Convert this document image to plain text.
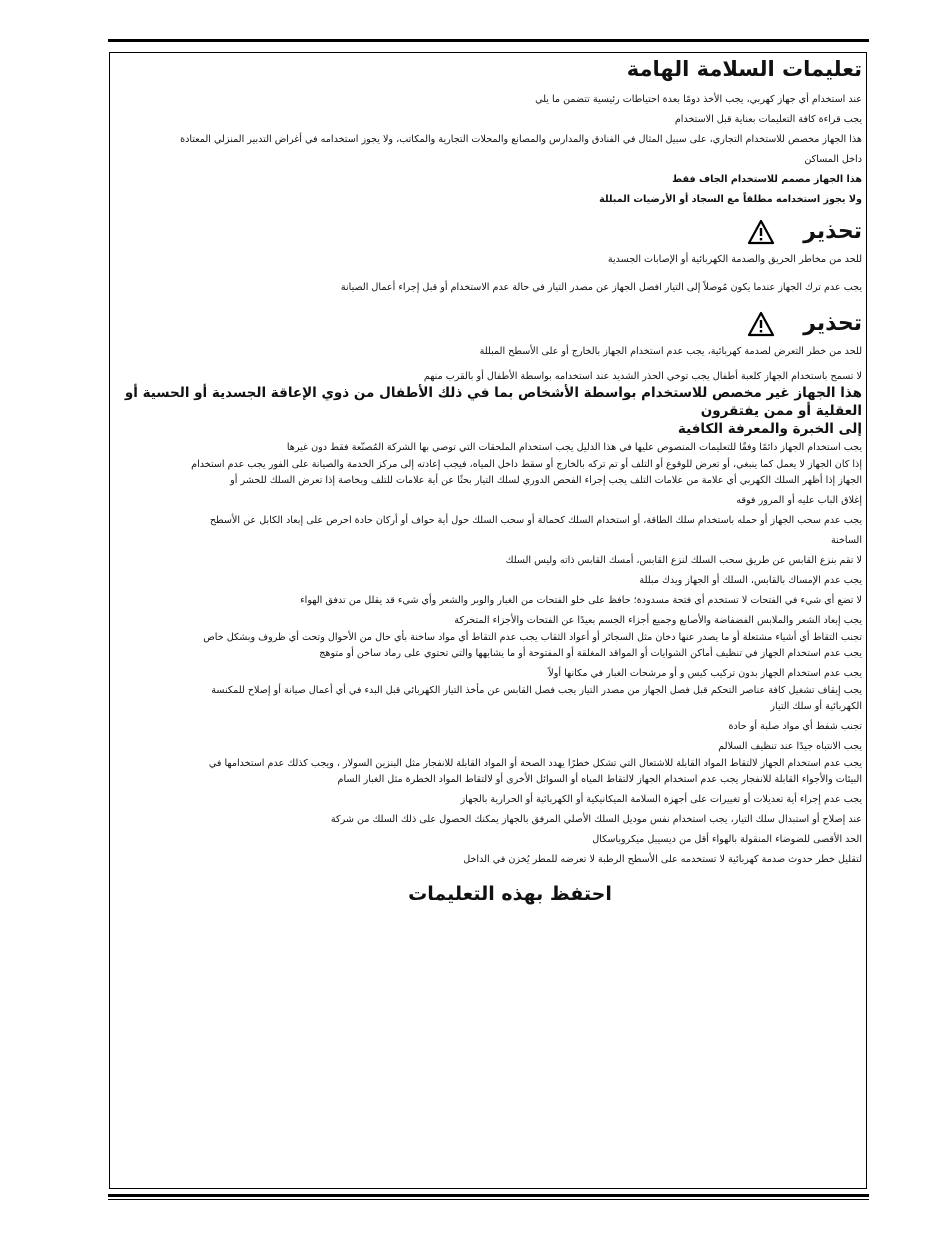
تعليمات السلامة الهامة

عند استخدام أي جهاز كهربي، يجب الأخذ دومًا بعدة احتياطات رئيسية تتضمن ما يلي

يجب قراءة كافة التعليمات بعناية قبل الاستخدام

هذا الجهاز مخصص للاستخدام التجاري، على سبيل المثال في الفنادق والمدارس والمصانع والمحلات التجارية والمكاتب، ولا يجوز استخدامه في أغراض التدبير المنزلي المعتادة

داخل المساكن

هذا الجهاز مصمم للاستخدام الجاف فقط

ولا يجوز استخدامه مطلقاً مع السجاد أو الأرضيات المبللة

تحذير

للحد من مخاطر الحريق والصدمة الكهربائية أو الإصابات الجسدية

يجب عدم ترك الجهاز عندما يكون مُوصلاً إلى التيار افصل الجهاز عن مصدر التيار في حالة عدم الاستخدام أو قبل إجراء أعمال الصيانة

تحذير

للحد من خطر التعرض لصدمة كهربائية، يجب عدم استخدام الجهاز بالخارج أو على الأسطح المبللة

لا تسمح باستخدام الجهاز كلعبة أطفال يجب توخي الحذر الشديد عند استخدامه بواسطة الأطفال أو بالقرب منهم

هذا الجهاز غير مخصص للاستخدام بواسطة الأشخاص بما في ذلك الأطفال من ذوي الإعاقة الجسدية أو الحسية أو العقلية أو ممن يفتقرون

إلى الخبرة والمعرفة الكافية

يجب استخدام الجهاز دائمًا وفقًا للتعليمات المنصوص عليها في هذا الدليل يجب استخدام الملحقات التي توصي بها الشركة المُصنّعة فقط دون غيرها

إذا كان الجهاز لا يعمل كما ينبغي، أو تعرض للوقوع أو التلف أو تم تركه بالخارج أو سقط داخل المياه، فيجب إعادته إلى مركز الخدمة والصيانة على الفور يجب عدم استخدام

الجهاز إذا أظهر السلك الكهربي أي علامة من علامات التلف يجب إجراء الفحص الدوري لسلك التيار بحثًا عن أية علامات للتلف وبخاصة إذا تعرض السلك للحشر أو

إغلاق الباب عليه أو المرور فوقه

يجب عدم سحب الجهاز أو حمله باستخدام سلك الطاقة، أو استخدام السلك كحمالة أو سحب السلك حول أية حواف أو أركان حادة احرص على إبعاد الكابل عن الأسطح

الساخنة

لا تقم بنزع القابس عن طريق سحب السلك لنزع القابس، أمسك القابس ذاته وليس السلك

يجب عدم الإمساك بالقابس، السلك أو الجهاز ويدك مبللة

لا تضع أي شيء في الفتحات لا تستخدم أي فتحة مسدودة؛ حافظ على خلو الفتحات من الغبار والوبر والشعر وأي شيء قد يقلل من تدفق الهواء

يجب إبعاد الشعر والملابس الفضفاضة والأصابع وجميع أجزاء الجسم بعيدًا عن الفتحات والأجزاء المتحركة

تجنب التقاط أي أشياء مشتعلة أو ما يصدر عنها دخان مثل السجائر أو أعواد الثقاب يجب عدم التقاط أي مواد ساخنة بأي حال من الأحوال وتحت أي ظروف وبشكل خاص

يجب عدم استخدام الجهاز في تنظيف أماكن الشوايات أو المواقد المغلقة أو المفتوحة أو ما يشابهها والتي تحتوي على رماد ساخن أو متوهج

يجب عدم استخدام الجهاز بدون تركيب كيس و أو مرشحات الغبار في مكانها أولاً

يجب إيقاف تشغيل كافة عناصر التحكم قبل فصل الجهاز من مصدر التيار يجب فصل القابس عن مأخذ التيار الكهربائي قبل البدء في أي أعمال صيانة أو إصلاح للمكنسة

الكهربائية أو سلك التيار

تجنب شفط أي مواد صلبة أو حادة

يجب الانتباه جيدًا عند تنظيف السلالم

يجب عدم استخدام الجهاز لالتقاط المواد القابلة للاشتعال التي تشكل خطرًا يهدد الصحة أو المواد القابلة للانفجار مثل البنزين السولار ، ويجب كذلك عدم استخدامها في

البيئات والأجواء القابلة للانفجار يجب عدم استخدام الجهاز لالتقاط المياه أو السوائل الأخرى أو لالتقاط المواد الخطرة مثل الغبار السام

يجب عدم إجراء أية تعديلات أو تغييرات على أجهزة السلامة الميكانيكية أو الكهربائية أو الحرارية بالجهاز

عند إصلاح أو استبدال سلك التيار، يجب استخدام نفس موديل السلك الأصلي المرفق بالجهاز يمكنك الحصول على ذلك السلك من شركة

الحد الأقصى للضوضاء المنقولة بالهواء أقل من ديسيبل ميكروباسكال

لتقليل خطر حدوث صدمة كهربائية لا تستخدمه على الأسطح الرطبة لا تعرضه للمطر يُخزن في الداخل

احتفظ بهذه التعليمات
